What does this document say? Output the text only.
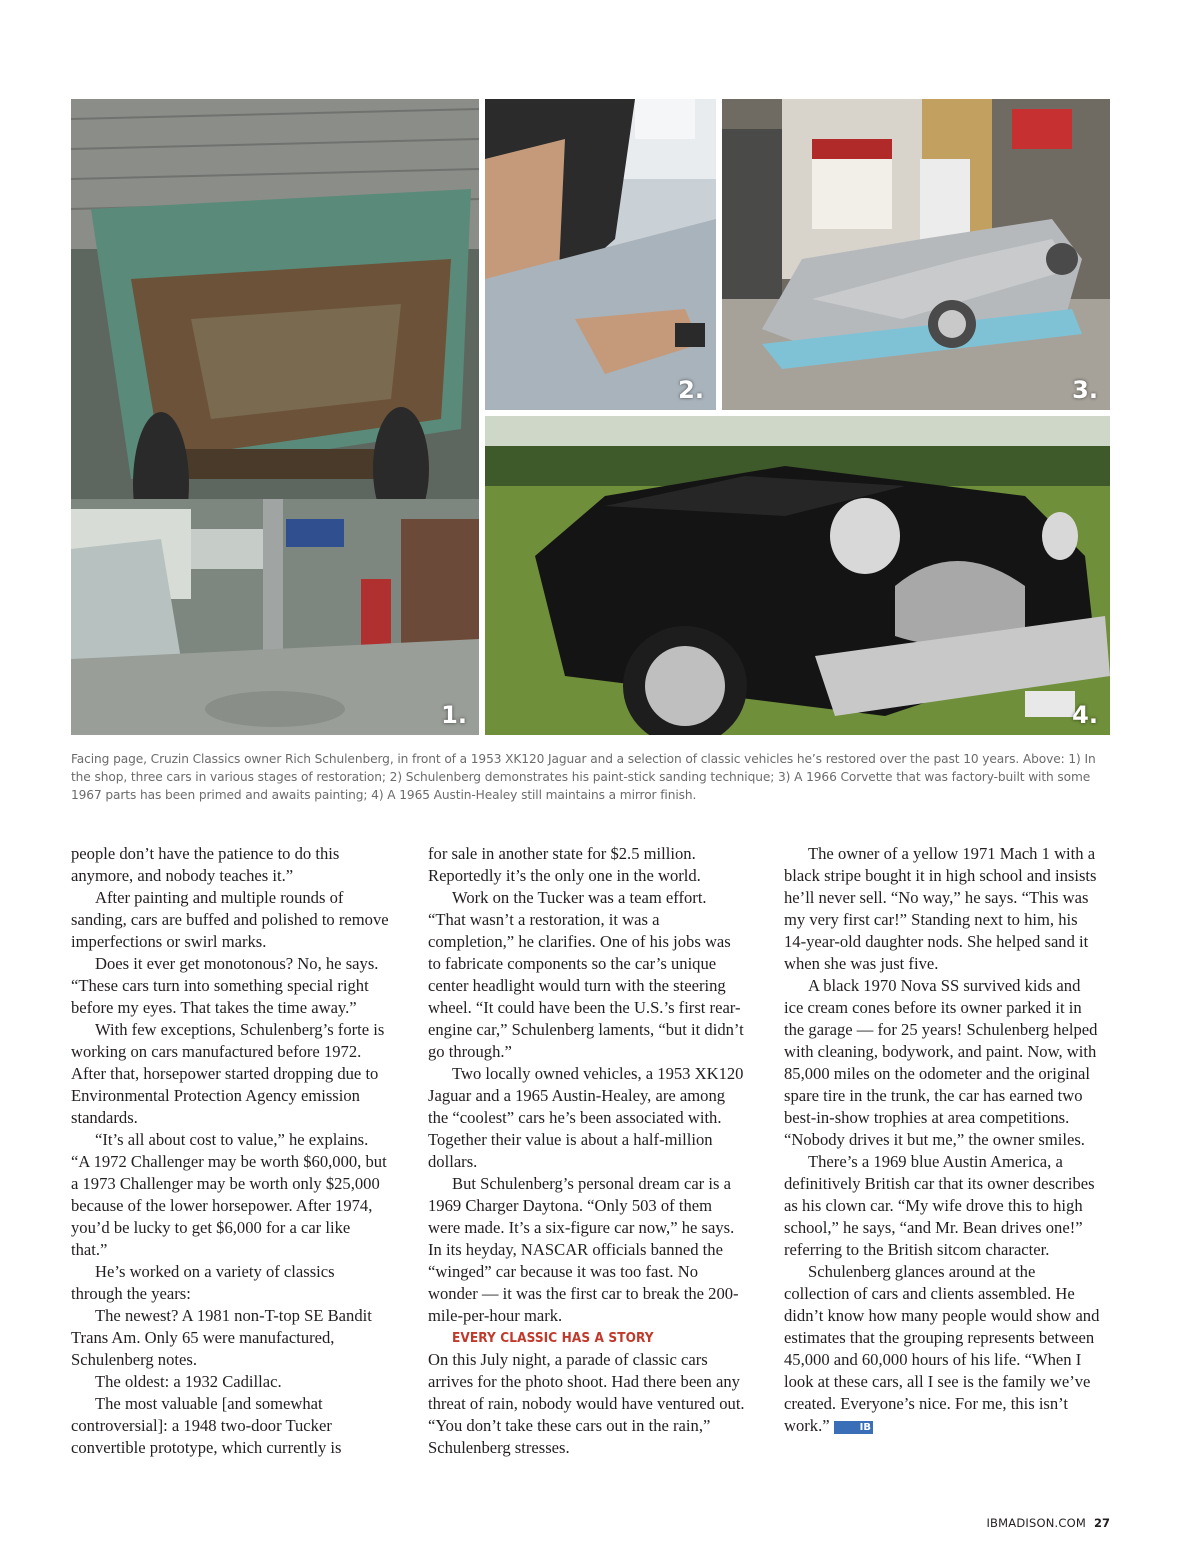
1.
2.	3.
4.
Facing page, Cruzin Classics owner Rich Schulenberg, in front of a 1953 XK120 Jaguar and a selection of classic vehicles he’s restored over the past 10 years. Above: 1) In the shop, three cars in various stages of restoration; 2) Schulenberg demonstrates his paint-stick sanding technique; 3) A 1966 Corvette that was factory-built with some 1967 parts has been primed and awaits painting; 4) A 1965 Austin-Healey still maintains a mirror finish.

people don’t have the patience to do this anymore, and nobody teaches it.”

After painting and multiple rounds of sanding, cars are buffed and polished to remove imperfections or swirl marks.

Does it ever get monotonous? No, he says. “These cars turn into something special right before my eyes. That takes the time away.”

With few exceptions, Schulenberg’s forte is working on cars manufactured before 1972. After that, horsepower started dropping due to Environmental Protection Agency emission standards.

“It’s all about cost to value,” he explains. “A 1972 Challenger may be worth $60,000, but a 1973 Challenger may be worth only $25,000 because of the lower horsepower. After 1974, you’d be lucky to get $6,000 for a car like that.”

He’s worked on a variety of classics through the years:

The newest? A 1981 non-T-top SE Bandit Trans Am. Only 65 were manufactured, Schulenberg notes.

The oldest: a 1932 Cadillac.

The most valuable [and somewhat controversial]: a 1948 two-door Tucker convertible prototype, which currently is

for sale in another state for $2.5 million. Reportedly it’s the only one in the world.

Work on the Tucker was a team effort. “That wasn’t a restoration, it was a completion,” he clarifies. One of his jobs was to fabricate components so the car’s unique center headlight would turn with the steering wheel. “It could have been the U.S.’s first rear-engine car,” Schulenberg laments, “but it didn’t go through.”

Two locally owned vehicles, a 1953 XK120 Jaguar and a 1965 Austin-Healey, are among the “coolest” cars he’s been associated with. Together their value is about a half-million dollars.

But Schulenberg’s personal dream car is a 1969 Charger Daytona. “Only 503 of them were made. It’s a six-figure car now,” he says. In its heyday, NASCAR officials banned the “winged” car because it was too fast. No wonder — it was the first car to break the 200-mile-per-hour mark.

EVERY CLASSIC HAS A STORY

On this July night, a parade of classic cars arrives for the photo shoot. Had there been any threat of rain, nobody would have ventured out. “You don’t take these cars out in the rain,” Schulenberg stresses.

The owner of a yellow 1971 Mach 1 with a black stripe bought it in high school and insists he’ll never sell. “No way,” he says. “This was my very first car!” Standing next to him, his 14-year-old daughter nods. She helped sand it when she was just five.

A black 1970 Nova SS survived kids and ice cream cones before its owner parked it in the garage — for 25 years! Schulenberg helped with cleaning, bodywork, and paint. Now, with 85,000 miles on the odometer and the original spare tire in the trunk, the car has earned two best-in-show trophies at area competitions. “Nobody drives it but me,” the owner smiles.

There’s a 1969 blue Austin America, a definitively British car that its owner describes as his clown car. “My wife drove this to high school,” he says, “and Mr. Bean drives one!” referring to the British sitcom character.

Schulenberg glances around at the collection of cars and clients assembled. He didn’t know how many people would show and estimates that the grouping represents between 45,000 and 60,000 hours of his life. “When I look at these cars, all I see is the family we’ve created. Everyone’s nice. For me, this isn’t work.”	IB

IBMADISON.COM 27
